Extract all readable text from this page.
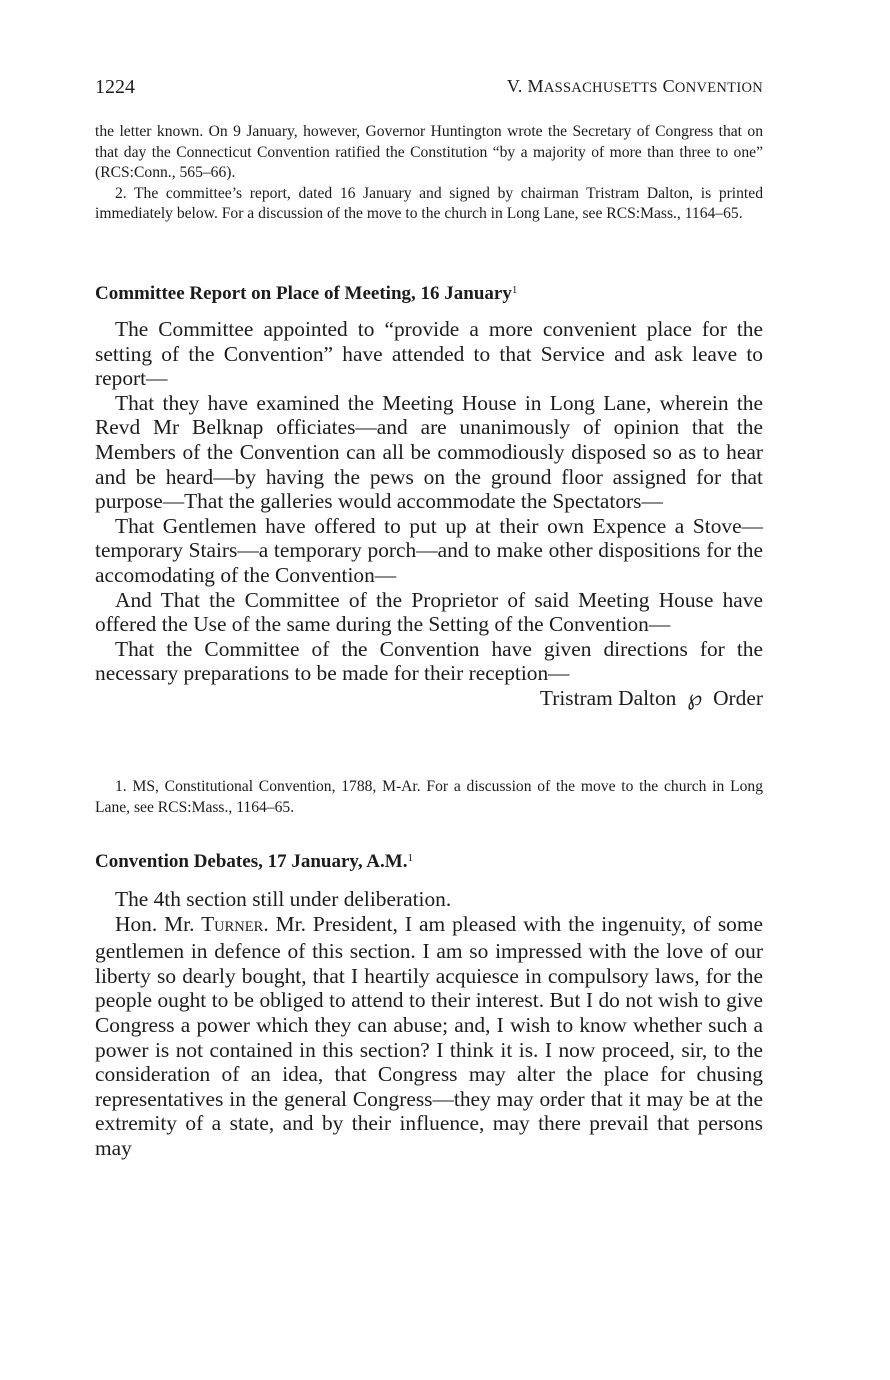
1224	V. MASSACHUSETTS CONVENTION

the letter known. On 9 January, however, Governor Huntington wrote the Secretary of Congress that on that day the Connecticut Convention ratified the Constitution “by a majority of more than three to one” (RCS:Conn., 565–66).

2. The committee’s report, dated 16 January and signed by chairman Tristram Dalton, is printed immediately below. For a discussion of the move to the church in Long Lane, see RCS:Mass., 1164–65.

Committee Report on Place of Meeting, 16 January$^1$

The Committee appointed to “provide a more convenient place for the setting of the Convention” have attended to that Service and ask leave to report—

That they have examined the Meeting House in Long Lane, wherein the Revd Mr Belknap officiates—and are unanimously of opinion that the Members of the Convention can all be commodiously disposed so as to hear and be heard—by having the pews on the ground floor assigned for that purpose—That the galleries would accommodate the Spectators—

That Gentlemen have offered to put up at their own Expence a Stove—temporary Stairs—a temporary porch—and to make other dispositions for the accomodating of the Convention—

And That the Committee of the Proprietor of said Meeting House have offered the Use of the same during the Setting of the Convention—

That the Committee of the Convention have given directions for the necessary preparations to be made for their reception—

Tristram Dalton ℘ Order

1. MS, Constitutional Convention, 1788, M-Ar. For a discussion of the move to the church in Long Lane, see RCS:Mass., 1164–65.

Convention Debates, 17 January, A.M.$^1$

The 4th section still under deliberation.

Hon. Mr. TURNER. Mr. President, I am pleased with the ingenuity, of some gentlemen in defence of this section. I am so impressed with the love of our liberty so dearly bought, that I heartily acquiesce in compulsory laws, for the people ought to be obliged to attend to their interest. But I do not wish to give Congress a power which they can abuse; and, I wish to know whether such a power is not contained in this section? I think it is. I now proceed, sir, to the consideration of an idea, that Congress may alter the place for chusing representatives in the general Congress—they may order that it may be at the extremity of a state, and by their influence, may there prevail that persons may
